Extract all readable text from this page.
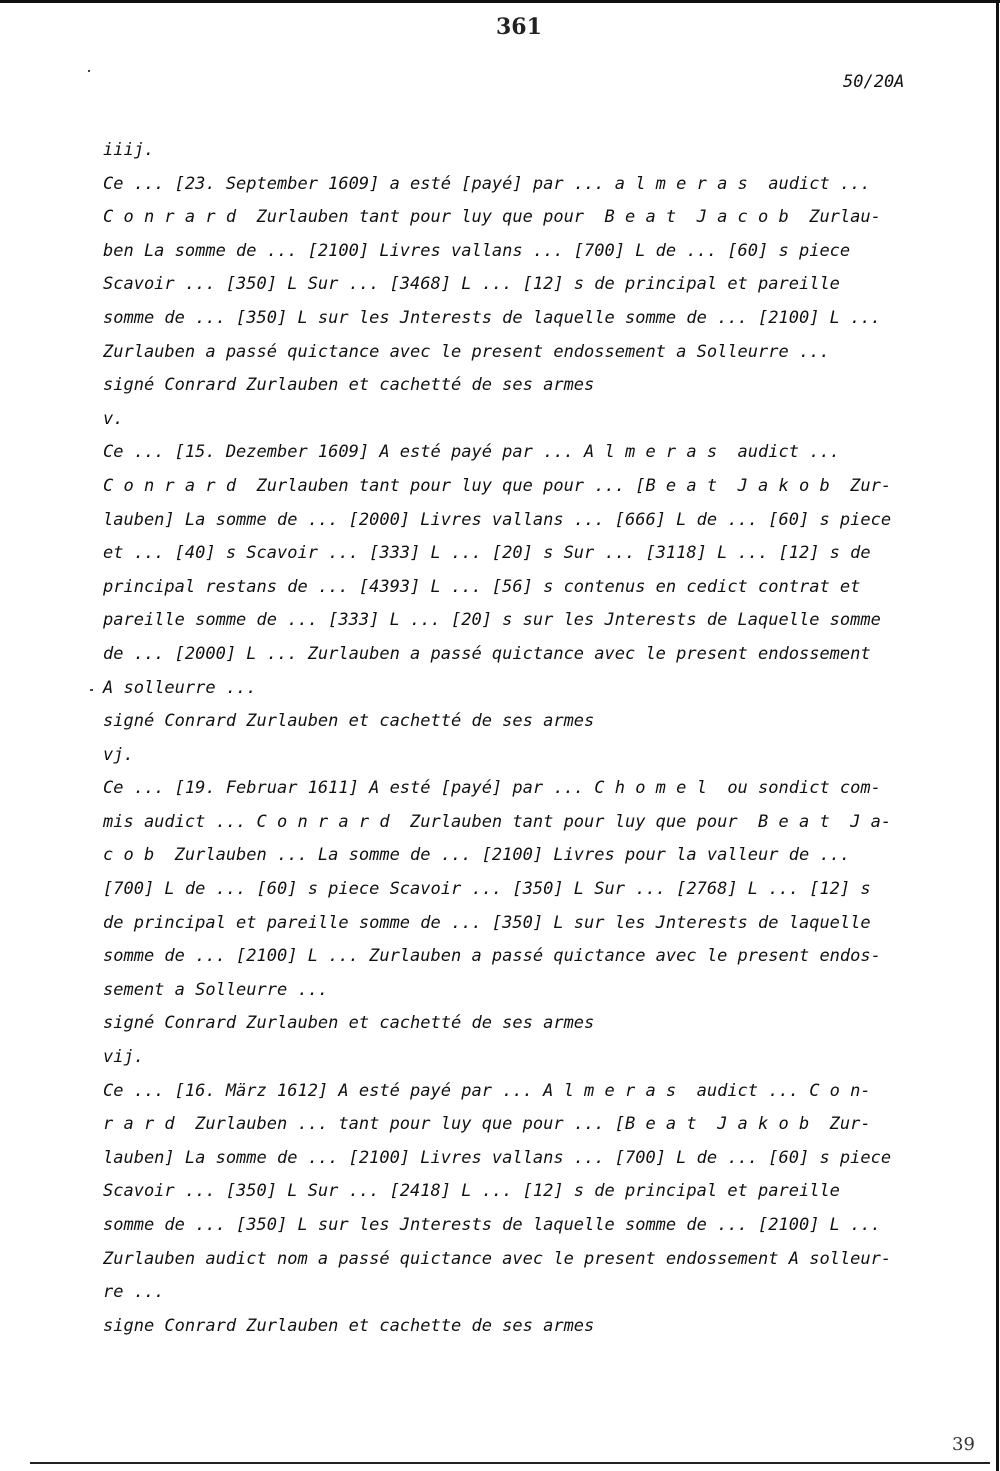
361
50/20A
iiij.
Ce ... [23. September 1609] a esté [payé] par ... a l m e r a s  audict ...
C o n r a r d  Zurlauben tant pour luy que pour  B e a t  J a c o b  Zurlau-
ben La somme de ... [2100] Livres vallans ... [700] L de ... [60] s piece
Scavoir ... [350] L Sur ... [3468] L ... [12] s de principal et pareille
somme de ... [350] L sur les Jnterests de laquelle somme de ... [2100] L ...
Zurlauben a passé quictance avec le present endossement a Solleurre ...
signé Conrard Zurlauben et cachetté de ses armes
v.
Ce ... [15. Dezember 1609] A esté payé par ... A l m e r a s  audict ...
C o n r a r d  Zurlauben tant pour luy que pour ... [B e a t  J a k o b  Zur-
lauben] La somme de ... [2000] Livres vallans ... [666] L de ... [60] s piece
et ... [40] s Scavoir ... [333] L ... [20] s Sur ... [3118] L ... [12] s de
principal restans de ... [4393] L ... [56] s contenus en cedict contrat et
pareille somme de ... [333] L ... [20] s sur les Jnterests de Laquelle somme
de ... [2000] L ... Zurlauben a passé quictance avec le present endossement
A solleurre ...
signé Conrard Zurlauben et cachetté de ses armes
vj.
Ce ... [19. Februar 1611] A esté [payé] par ... C h o m e l  ou sondict com-
mis audict ... C o n r a r d  Zurlauben tant pour luy que pour  B e a t  J a-
c o b  Zurlauben ... La somme de ... [2100] Livres pour la valleur de ...
[700] L de ... [60] s piece Scavoir ... [350] L Sur ... [2768] L ... [12] s
de principal et pareille somme de ... [350] L sur les Jnterests de laquelle
somme de ... [2100] L ... Zurlauben a passé quictance avec le present endos-
sement a Solleurre ...
signé Conrard Zurlauben et cachetté de ses armes
vij.
Ce ... [16. März 1612] A esté payé par ... A l m e r a s  audict ... C o n-
r a r d  Zurlauben ... tant pour luy que pour ... [B e a t  J a k o b  Zur-
lauben] La somme de ... [2100] Livres vallans ... [700] L de ... [60] s piece
Scavoir ... [350] L Sur ... [2418] L ... [12] s de principal et pareille
somme de ... [350] L sur les Jnterests de laquelle somme de ... [2100] L ...
Zurlauben audict nom a passé quictance avec le present endossement A solleur-
re ...
signe Conrard Zurlauben et cachette de ses armes
39
